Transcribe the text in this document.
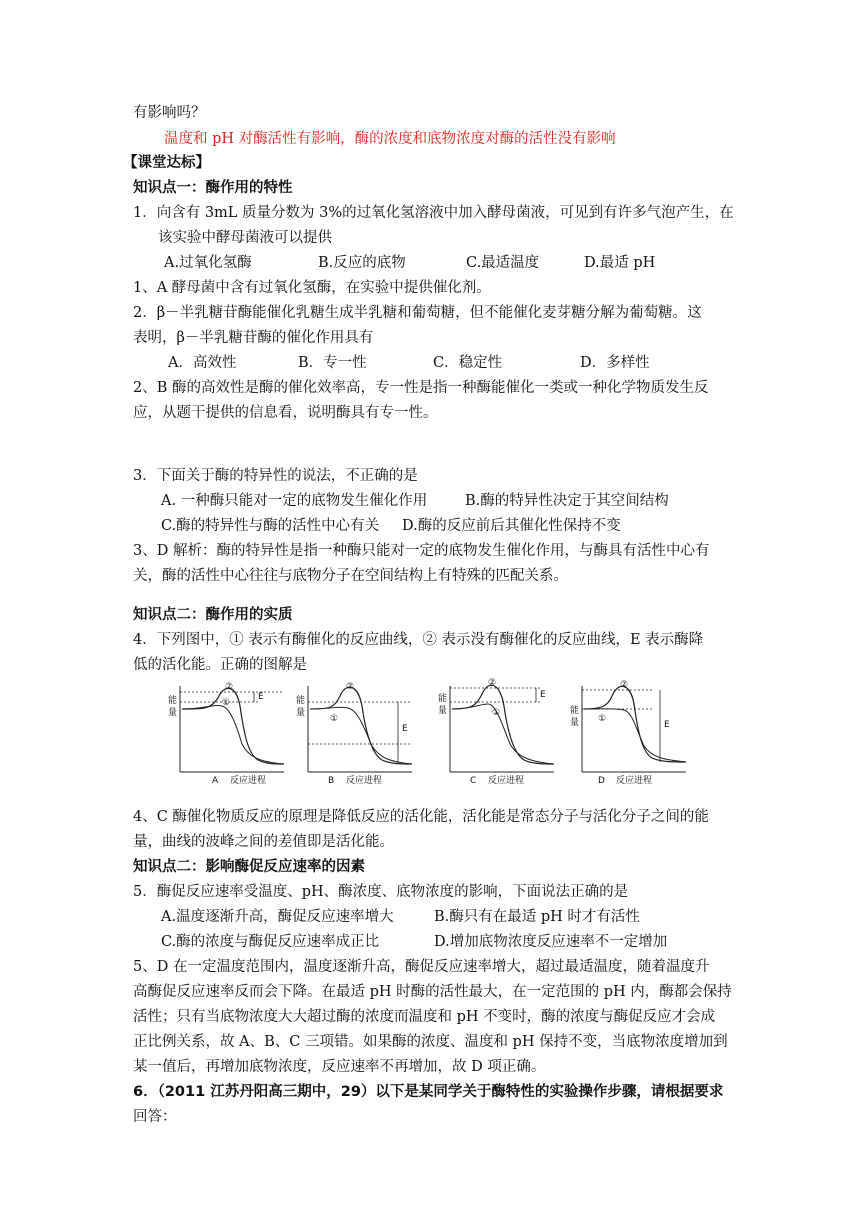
有影响吗？
温度和 pH 对酶活性有影响，酶的浓度和底物浓度对酶的活性没有影响
【课堂达标】
知识点一：酶作用的特性
1．向含有 3mL 质量分数为 3%的过氧化氢溶液中加入酵母菌液，可见到有许多气泡产生，在
该实验中酵母菌液可以提供
A.过氧化氢酶	B.反应的底物	C.最适温度	D.最适 pH
1、A 酵母菌中含有过氧化氢酶，在实验中提供催化剂。
2．β－半乳糖苷酶能催化乳糖生成半乳糖和葡萄糖，但不能催化麦芽糖分解为葡萄糖。这
表明，β－半乳糖苷酶的催化作用具有
A．高效性	B．专一性	C．稳定性	D．多样性
2、B 酶的高效性是酶的催化效率高，专一性是指一种酶能催化一类或一种化学物质发生反
应，从题干提供的信息看，说明酶具有专一性。
3．下面关于酶的特异性的说法，不正确的是
A. 一种酶只能对一定的底物发生催化作用	B.酶的特异性决定于其空间结构
C.酶的特异性与酶的活性中心有关 D.酶的反应前后其催化性保持不变
3、D 解析：酶的特异性是指一种酶只能对一定的底物发生催化作用，与酶具有活性中心有
关，酶的活性中心往往与底物分子在空间结构上有特殊的匹配关系。
知识点二：酶作用的实质
4．下列图中，① 表示有酶催化的反应曲线，② 表示没有酶催化的反应曲线，E 表示酶降
低的活化能。正确的图解是
能
量
②
①
E
A 反应进程
能
量
②
①
E
B 反应进程
能
量
②
①
E
C 反应进程
能
量
②
①
E
D 反应进程
4、C 酶催化物质反应的原理是降低反应的活化能，活化能是常态分子与活化分子之间的能
量，曲线的波峰之间的差值即是活化能。
知识点二：影响酶促反应速率的因素
5．酶促反应速率受温度、pH、酶浓度、底物浓度的影响，下面说法正确的是
A.温度逐渐升高，酶促反应速率增大	B.酶只有在最适 pH 时才有活性
C.酶的浓度与酶促反应速率成正比	D.增加底物浓度反应速率不一定增加
5、D 在一定温度范围内，温度逐渐升高，酶促反应速率增大，超过最适温度，随着温度升
高酶促反应速率反而会下降。在最适 pH 时酶的活性最大，在一定范围的 pH 内，酶都会保持
活性；只有当底物浓度大大超过酶的浓度而温度和 pH 不变时，酶的浓度与酶促反应才会成
正比例关系，故 A、B、C 三项错。如果酶的浓度、温度和 pH 保持不变，当底物浓度增加到
某一值后，再增加底物浓度，反应速率不再增加，故 D 项正确。
6．（2011 江苏丹阳高三期中，29）以下是某同学关于酶特性的实验操作步骤，请根据要求
回答：
